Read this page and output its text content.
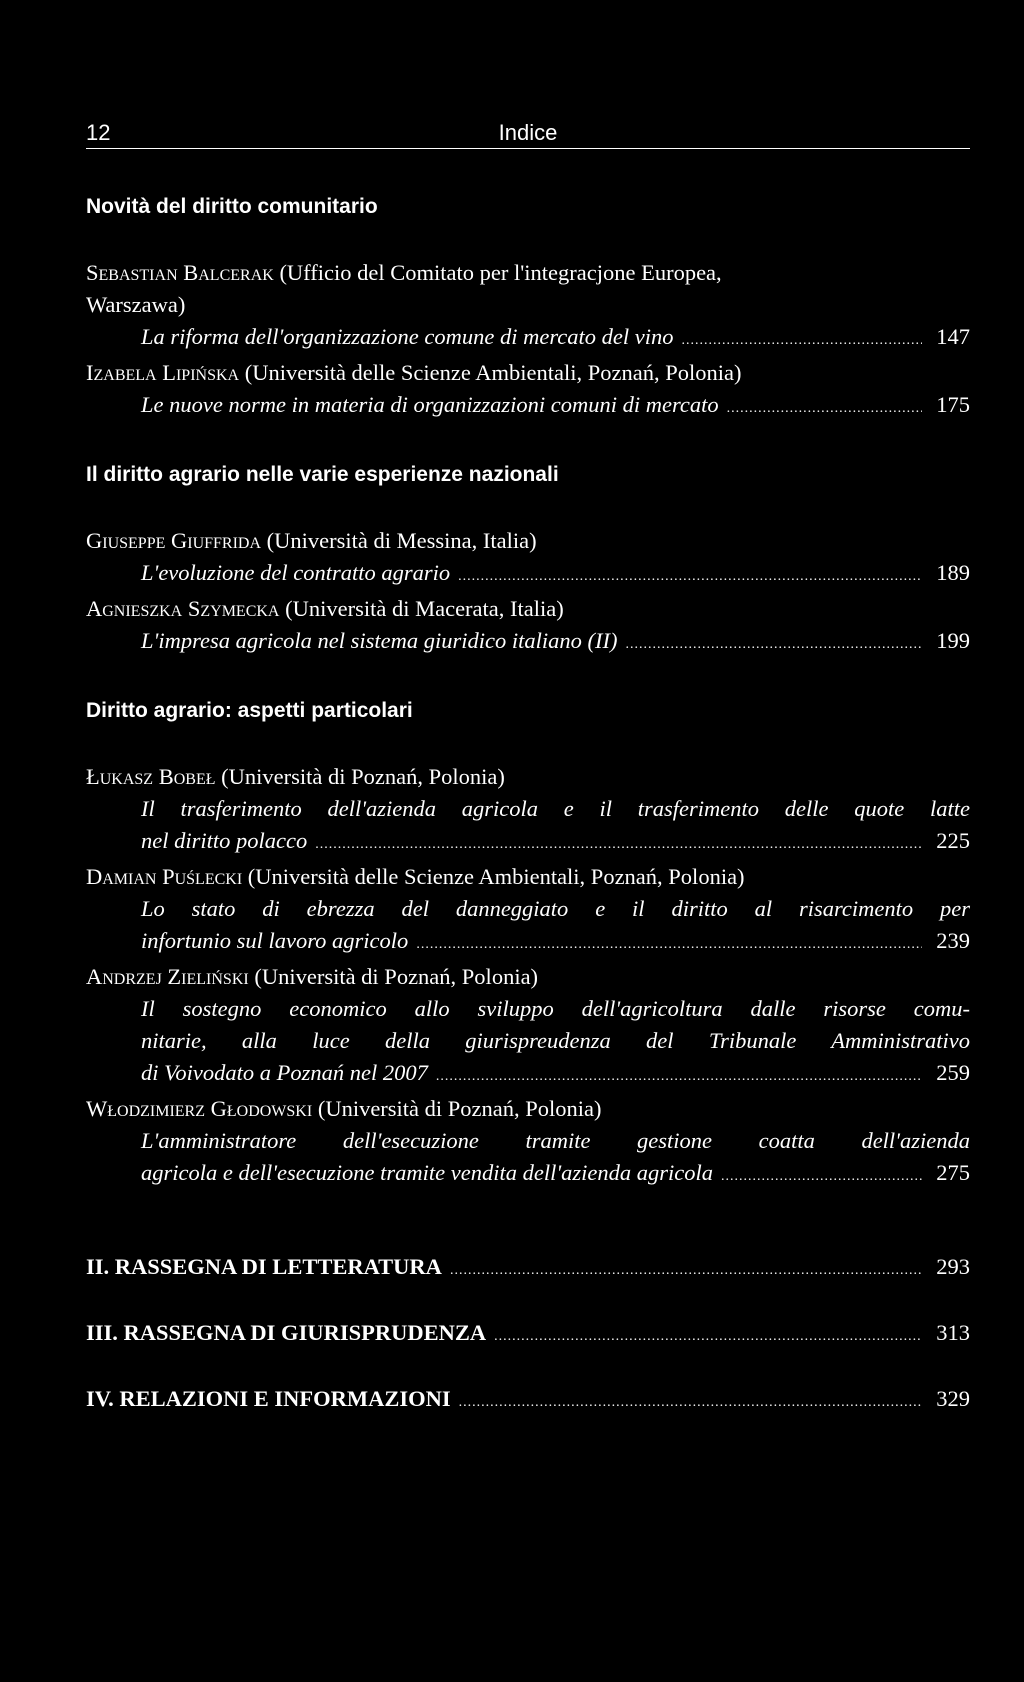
12	Indice
Novità del diritto comunitario
Sebastian Balcerak (Ufficio del Comitato per l'integracjone Europea,
Warszawa)
La riforma dell'organizzazione comune di mercato del vino .....	147
Izabela Lipińska (Università delle Scienze Ambientali, Poznań, Polonia)
Le nuove norme in materia di organizzazioni comuni di mercato .....	175
Il diritto agrario nelle varie esperienze nazionali
Giuseppe Giuffrida (Università di Messina, Italia)
L'evoluzione del contratto agrario .....	189
Agnieszka Szymecka (Università di Macerata, Italia)
L'impresa agricola nel sistema giuridico italiano (II) .....	199
Diritto agrario: aspetti particolari
Łukasz Bobeł (Università di Poznań, Polonia)
Il trasferimento dell'azienda agricola e il trasferimento delle quote latte
nel diritto polacco .....	225
Damian Puślecki (Università delle Scienze Ambientali, Poznań, Polonia)
Lo stato di ebrezza del danneggiato e il diritto al risarcimento per
infortunio sul lavoro agricolo .....	239
Andrzej Zieliński (Università di Poznań, Polonia)
Il sostegno economico allo sviluppo dell'agricoltura dalle risorse comu-
nitarie, alla luce della giurispreudenza del Tribunale Amministrativo
di Voivodato a Poznań nel 2007 .....	259
Włodzimierz Głodowski (Università di Poznań, Polonia)
L'amministratore dell'esecuzione tramite gestione coatta dell'azienda
agricola e dell'esecuzione tramite vendita dell'azienda agricola .....	275
II. RASSEGNA DI LETTERATURA .....	293
III. RASSEGNA DI GIURISPRUDENZA .....	313
IV. RELAZIONI E INFORMAZIONI .....	329
